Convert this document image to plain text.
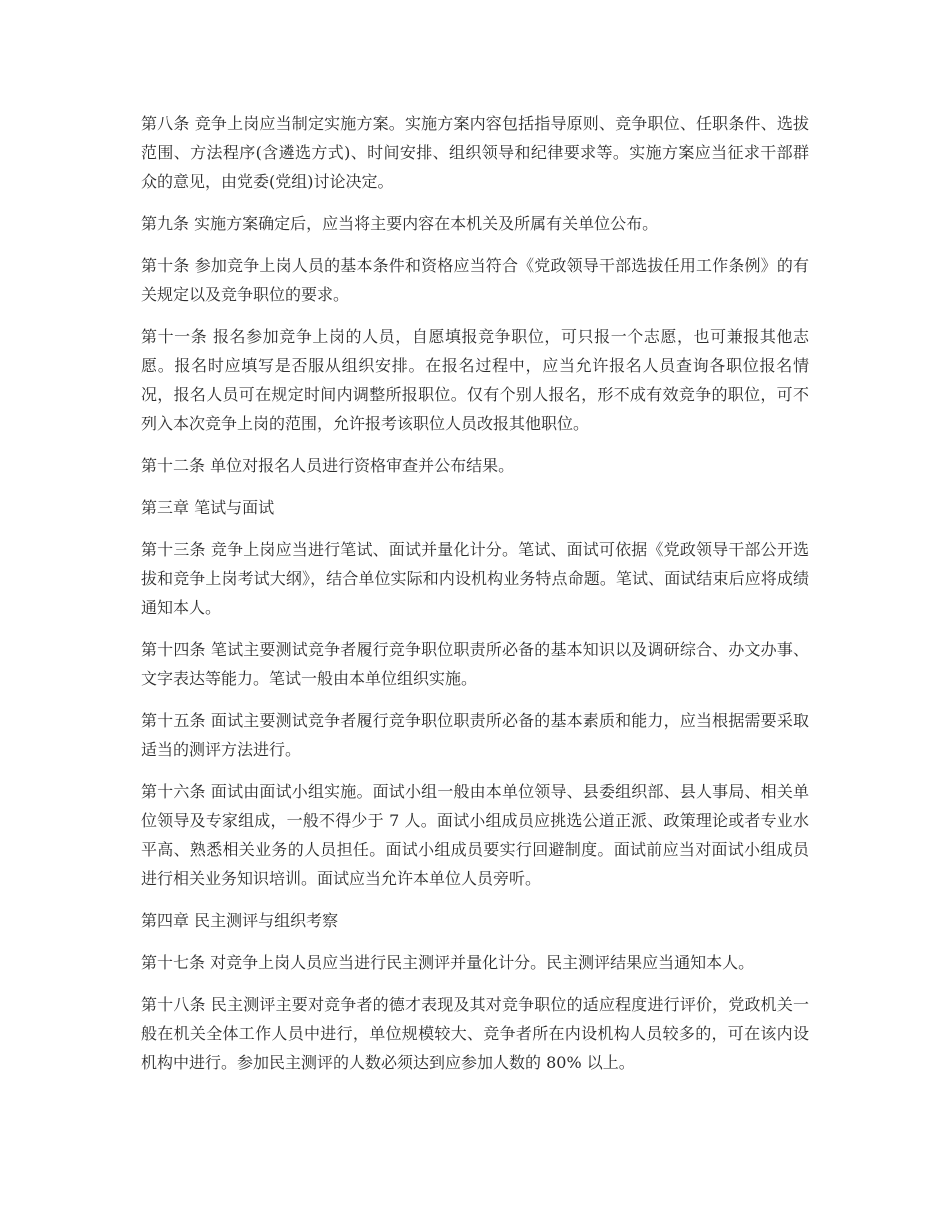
第八条 竞争上岗应当制定实施方案。实施方案内容包括指导原则、竞争职位、任职条件、选拔范围、方法程序(含遴选方式)、时间安排、组织领导和纪律要求等。实施方案应当征求干部群众的意见，由党委(党组)讨论决定。

第九条 实施方案确定后，应当将主要内容在本机关及所属有关单位公布。

第十条 参加竞争上岗人员的基本条件和资格应当符合《党政领导干部选拔任用工作条例》的有关规定以及竞争职位的要求。

第十一条 报名参加竞争上岗的人员，自愿填报竞争职位，可只报一个志愿，也可兼报其他志愿。报名时应填写是否服从组织安排。在报名过程中，应当允许报名人员查询各职位报名情况，报名人员可在规定时间内调整所报职位。仅有个别人报名，形不成有效竞争的职位，可不列入本次竞争上岗的范围，允许报考该职位人员改报其他职位。

第十二条 单位对报名人员进行资格审查并公布结果。

第三章 笔试与面试

第十三条 竞争上岗应当进行笔试、面试并量化计分。笔试、面试可依据《党政领导干部公开选拔和竞争上岗考试大纲》，结合单位实际和内设机构业务特点命题。笔试、面试结束后应将成绩通知本人。

第十四条 笔试主要测试竞争者履行竞争职位职责所必备的基本知识以及调研综合、办文办事、文字表达等能力。笔试一般由本单位组织实施。

第十五条 面试主要测试竞争者履行竞争职位职责所必备的基本素质和能力，应当根据需要采取适当的测评方法进行。

第十六条 面试由面试小组实施。面试小组一般由本单位领导、县委组织部、县人事局、相关单位领导及专家组成，一般不得少于 7 人。面试小组成员应挑选公道正派、政策理论或者专业水平高、熟悉相关业务的人员担任。面试小组成员要实行回避制度。面试前应当对面试小组成员进行相关业务知识培训。面试应当允许本单位人员旁听。

第四章 民主测评与组织考察

第十七条 对竞争上岗人员应当进行民主测评并量化计分。民主测评结果应当通知本人。

第十八条 民主测评主要对竞争者的德才表现及其对竞争职位的适应程度进行评价，党政机关一般在机关全体工作人员中进行，单位规模较大、竞争者所在内设机构人员较多的，可在该内设机构中进行。参加民主测评的人数必须达到应参加人数的 80% 以上。
